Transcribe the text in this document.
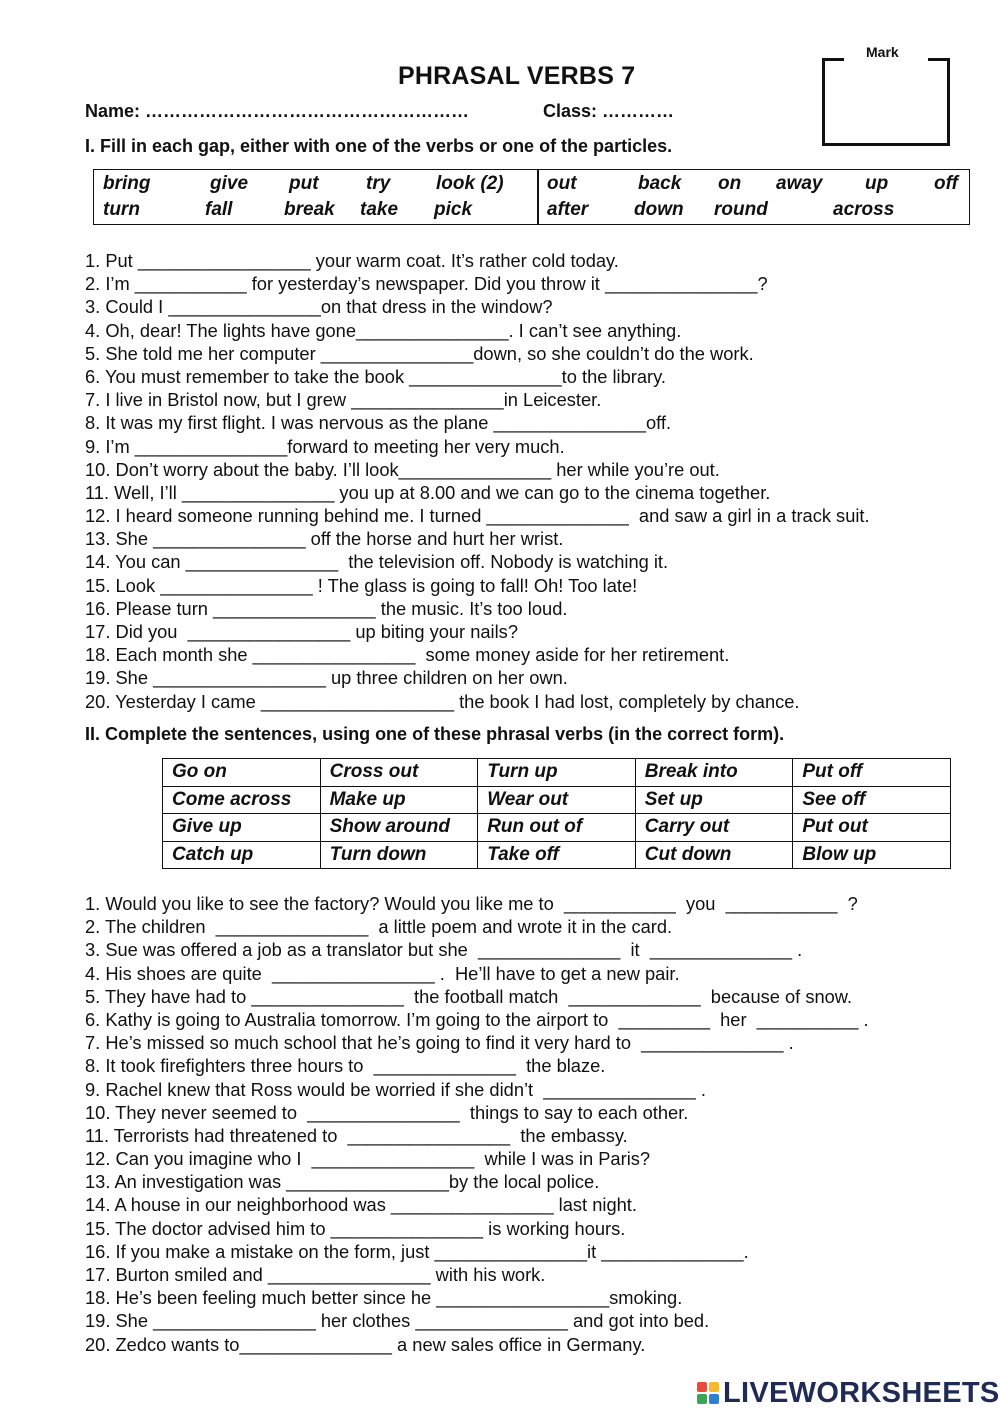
Mark
PHRASAL VERBS 7
Name: ………………………………………………	Class: …………
I. Fill in each gap, either with one of the verbs or one of the particles.
bring	give put try look (2)
turn	fall	break take pick
out	back on away up off
after down round	across
1. Put _________________ your warm coat. It’s rather cold today.
2. I’m ___________ for yesterday’s newspaper. Did you throw it _______________?
3. Could I _______________on that dress in the window?
4. Oh, dear! The lights have gone_______________. I can’t see anything.
5. She told me her computer _______________down, so she couldn’t do the work.
6. You must remember to take the book _______________to the library.
7. I live in Bristol now, but I grew _______________in Leicester.
8. It was my first flight. I was nervous as the plane _______________off.
9. I’m _______________forward to meeting her very much.
10. Don’t worry about the baby. I’ll look_______________ her while you’re out.
11. Well, I’ll _______________ you up at 8.00 and we can go to the cinema together.
12. I heard someone running behind me. I turned ______________  and saw a girl in a track suit.
13. She _______________ off the horse and hurt her wrist.
14. You can _______________  the television off. Nobody is watching it.
15. Look _______________ ! The glass is going to fall! Oh! Too late!
16. Please turn ________________ the music. It’s too loud.
17. Did you  ________________ up biting your nails?
18. Each month she ________________  some money aside for her retirement.
19. She _________________ up three children on her own.
20. Yesterday I came ___________________ the book I had lost, completely by chance.
II. Complete the sentences, using one of these phrasal verbs (in the correct form).
Go on	Cross out	Turn up	Break into	Put off
Come across	Make up	Wear out	Set up	See off
Give up	Show around	Run out of	Carry out	Put out
Catch up	Turn down	Take off	Cut down	Blow up
1. Would you like to see the factory? Would you like me to  ___________  you  ___________  ?
2. The children  _______________  a little poem and wrote it in the card.
3. Sue was offered a job as a translator but she  ______________  it  ______________ .
4. His shoes are quite  ________________ .  He’ll have to get a new pair.
5. They have had to _______________  the football match  _____________  because of snow.
6. Kathy is going to Australia tomorrow. I’m going to the airport to  _________  her  __________ .
7. He’s missed so much school that he’s going to find it very hard to  ______________ .
8. It took firefighters three hours to  ______________  the blaze.
9. Rachel knew that Ross would be worried if she didn’t  _______________ .
10. They never seemed to  _______________  things to say to each other.
11. Terrorists had threatened to  ________________  the embassy.
12. Can you imagine who I  ________________  while I was in Paris?
13. An investigation was ________________by the local police.
14. A house in our neighborhood was ________________ last night.
15. The doctor advised him to _______________ is working hours.
16. If you make a mistake on the form, just _______________it ______________.
17. Burton smiled and ________________ with his work.
18. He’s been feeling much better since he _________________smoking.
19. She ________________ her clothes _______________ and got into bed.
20. Zedco wants to_______________ a new sales office in Germany.
LIVEWORKSHEETS
